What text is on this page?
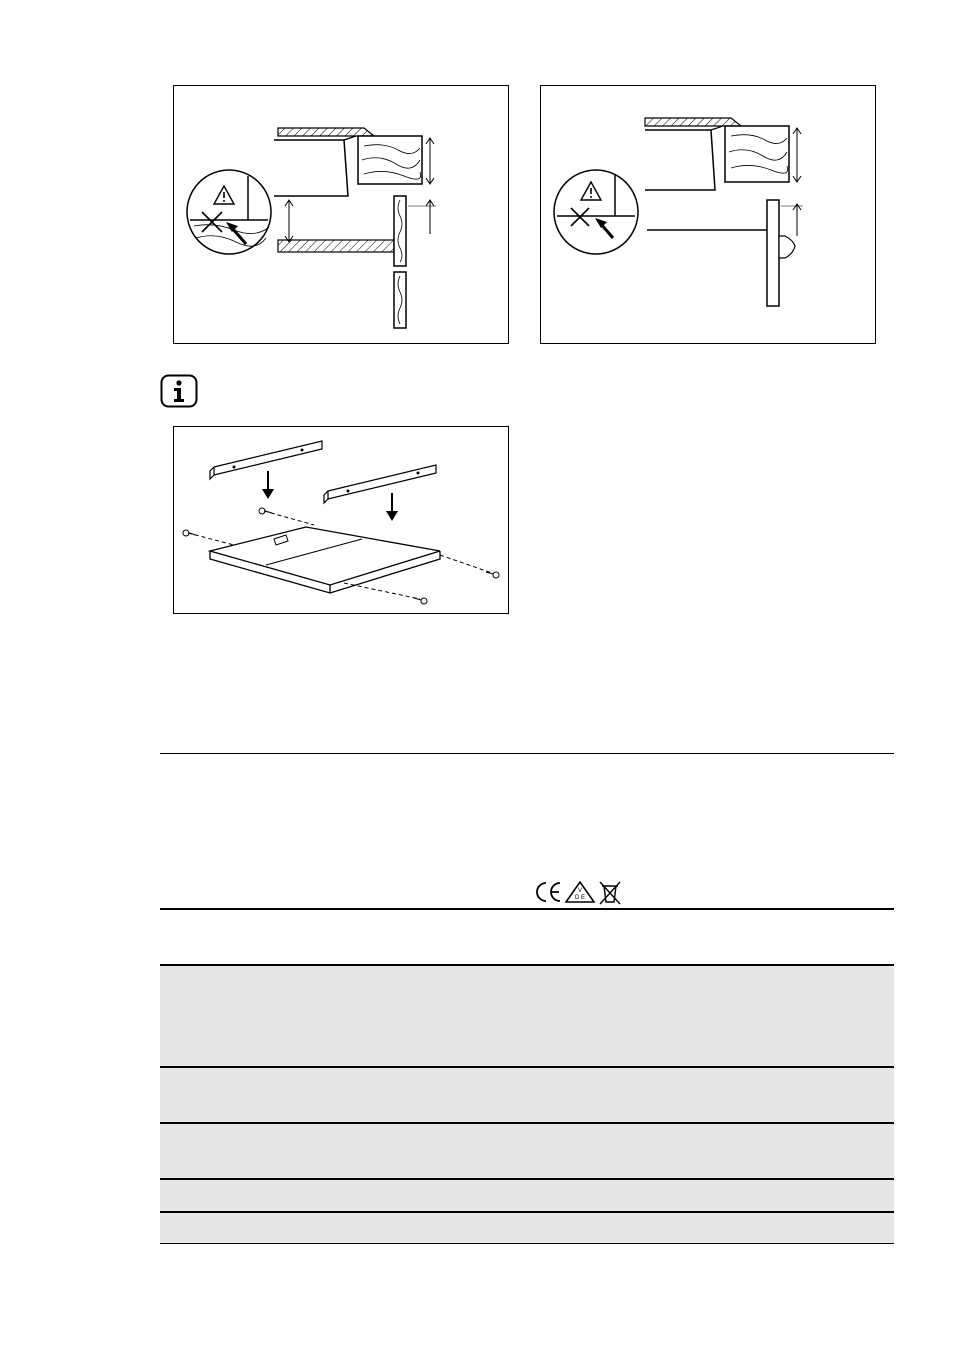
V
D E
